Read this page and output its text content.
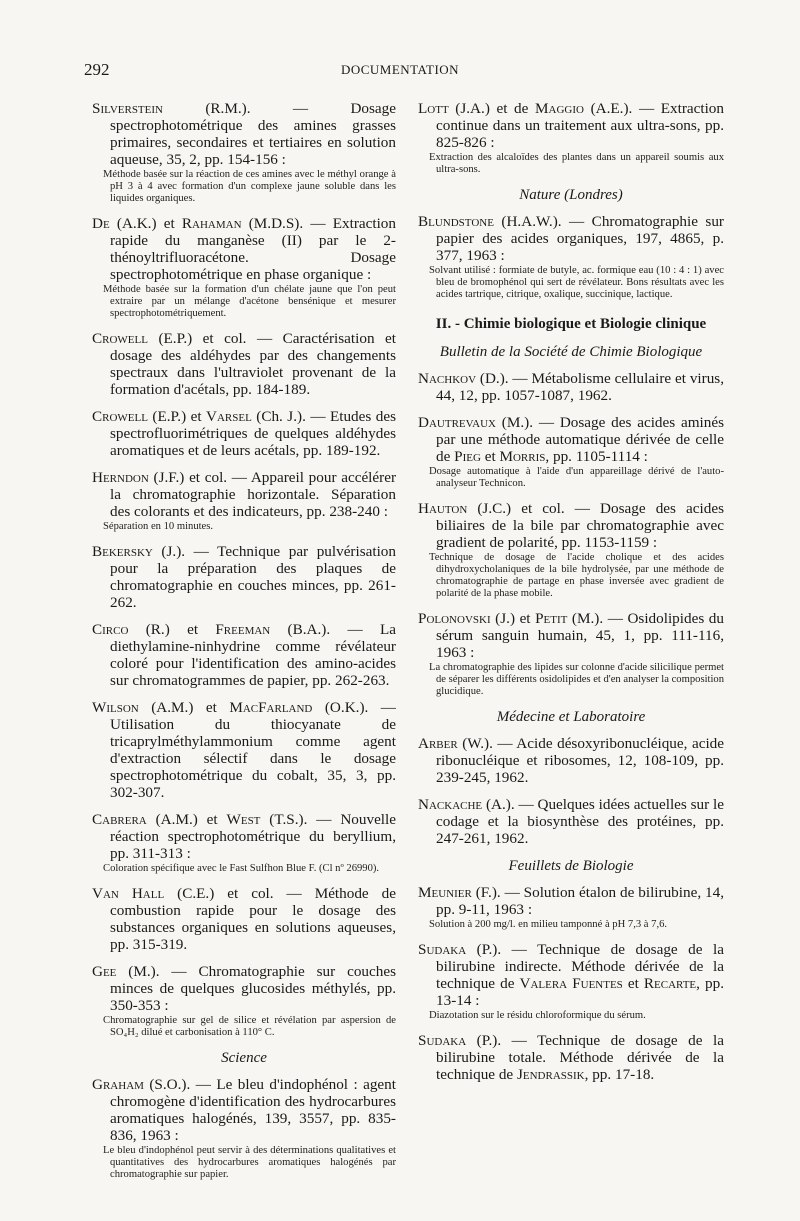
292	DOCUMENTATION
Silverstein (R.M.). — Dosage spectrophotométrique des amines grasses primaires, secondaires et tertiaires en solution aqueuse, 35, 2, pp. 154-156 :
Méthode basée sur la réaction de ces amines avec le méthyl orange à pH 3 à 4 avec formation d'un complexe jaune soluble dans les liquides organiques.
De (A.K.) et Rahaman (M.D.S). — Extraction rapide du manganèse (II) par le 2-thénoyltrifluoracétone. Dosage spectrophotométrique en phase organique :
Méthode basée sur la formation d'un chélate jaune que l'on peut extraire par un mélange d'acétone bensénique et mesurer spectrophotométriquement.
Crowell (E.P.) et col. — Caractérisation et dosage des aldéhydes par des changements spectraux dans l'ultraviolet provenant de la formation d'acétals, pp. 184-189.
Crowell (E.P.) et Varsel (Ch. J.). — Etudes des spectrofluorimétriques de quelques aldéhydes aromatiques et de leurs acétals, pp. 189-192.
Herndon (J.F.) et col. — Appareil pour accélérer la chromatographie horizontale. Séparation des colorants et des indicateurs, pp. 238-240 :
Séparation en 10 minutes.
Bekersky (J.). — Technique par pulvérisation pour la préparation des plaques de chromatographie en couches minces, pp. 261-262.
Circo (R.) et Freeman (B.A.). — La diethylamine-ninhydrine comme révélateur coloré pour l'identification des amino-acides sur chromatogrammes de papier, pp. 262-263.
Wilson (A.M.) et MacFarland (O.K.). — Utilisation du thiocyanate de tricaprylméthylammonium comme agent d'extraction sélectif dans le dosage spectrophotométrique du cobalt, 35, 3, pp. 302-307.
Cabrera (A.M.) et West (T.S.). — Nouvelle réaction spectrophotométrique du beryllium, pp. 311-313 :
Coloration spécifique avec le Fast Sulfhon Blue F. (Cl nº 26990).
Van Hall (C.E.) et col. — Méthode de combustion rapide pour le dosage des substances organiques en solutions aqueuses, pp. 315-319.
Gee (M.). — Chromatographie sur couches minces de quelques glucosides méthylés, pp. 350-353 :
Chromatographie sur gel de silice et révélation par aspersion de SO₄H₂ dilué et carbonisation à 110° C.
Science
Graham (S.O.). — Le bleu d'indophénol : agent chromogène d'identification des hydrocarbures aromatiques halogénés, 139, 3557, pp. 835-836, 1963 :
Le bleu d'indophénol peut servir à des déterminations qualitatives et quantitatives des hydrocarbures aromatiques halogénés par chromatographie sur papier.
Lott (J.A.) et de Maggio (A.E.). — Extraction continue dans un traitement aux ultra-sons, pp. 825-826 :
Extraction des alcaloïdes des plantes dans un appareil soumis aux ultra-sons.
Nature (Londres)
Blundstone (H.A.W.). — Chromatographie sur papier des acides organiques, 197, 4865, p. 377, 1963 :
Solvant utilisé : formiate de butyle, ac. formique eau (10 : 4 : 1) avec bleu de bromophénol qui sert de révélateur. Bons résultats avec les acides tartrique, citrique, oxalique, succinique, lactique.
II. - Chimie biologique et Biologie clinique
Bulletin de la Société de Chimie Biologique
Nachkov (D.). — Métabolisme cellulaire et virus, 44, 12, pp. 1057-1087, 1962.
Dautrevaux (M.). — Dosage des acides aminés par une méthode automatique dérivée de celle de Pieg et Morris, pp. 1105-1114 :
Dosage automatique à l'aide d'un appareillage dérivé de l'auto-analyseur Technicon.
Hauton (J.C.) et col. — Dosage des acides biliaires de la bile par chromatographie avec gradient de polarité, pp. 1153-1159 :
Technique de dosage de l'acide cholique et des acides dihydroxycholaniques de la bile hydrolysée, par une méthode de chromatographie de partage en phase inversée avec gradient de polarité de la phase mobile.
Polonovski (J.) et Petit (M.). — Osidolipides du sérum sanguin humain, 45, 1, pp. 111-116, 1963 :
La chromatographie des lipides sur colonne d'acide silicilique permet de séparer les différents osidolipides et d'en analyser la composition glucidique.
Médecine et Laboratoire
Arber (W.). — Acide désoxyribonucléique, acide ribonucléique et ribosomes, 12, 108-109, pp. 239-245, 1962.
Nackache (A.). — Quelques idées actuelles sur le codage et la biosynthèse des protéines, pp. 247-261, 1962.
Feuillets de Biologie
Meunier (F.). — Solution étalon de bilirubine, 14, pp. 9-11, 1963 :
Solution à 200 mg/l. en milieu tamponné à pH 7,3 à 7,6.
Sudaka (P.). — Technique de dosage de la bilirubine indirecte. Méthode dérivée de la technique de Valera Fuentes et Recarte, pp. 13-14 :
Diazotation sur le résidu chloroformique du sérum.
Sudaka (P.). — Technique de dosage de la bilirubine totale. Méthode dérivée de la technique de Jendrassik, pp. 17-18.
